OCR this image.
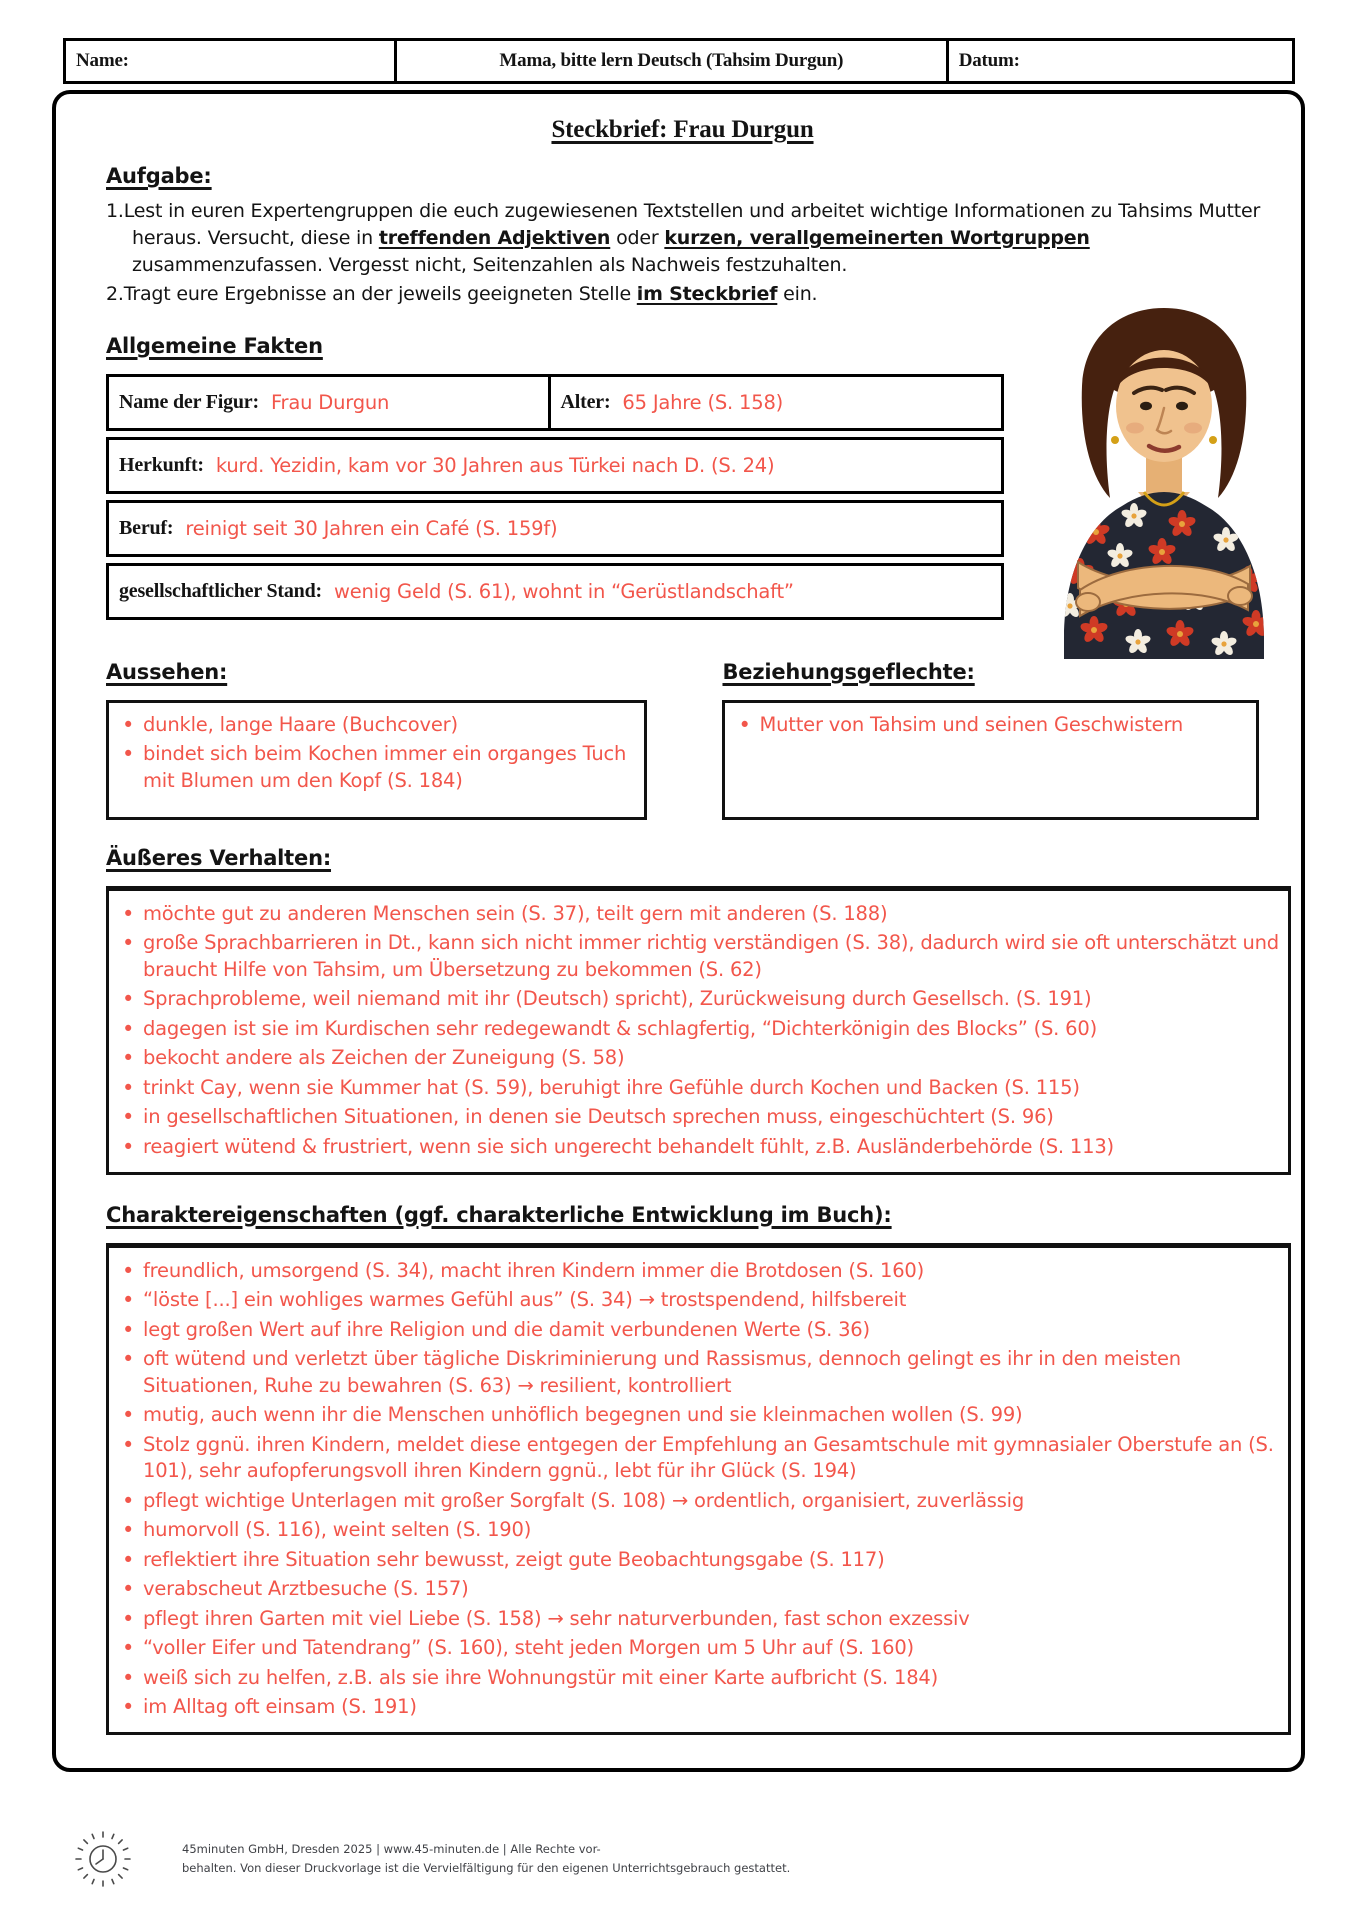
Name:	Mama, bitte lern Deutsch (Tahsim Durgun)	Datum:
Steckbrief: Frau Durgun
Aufgabe:

1.Lest in euren Expertengruppen die euch zugewiesenen Textstellen und arbeitet wichtige Informationen zu Tahsims Mutter heraus. Versucht, diese in treffenden Adjektiven oder kurzen, verallgemeinerten Wortgruppen zusammenzufassen. Vergesst nicht, Seitenzahlen als Nachweis festzuhalten.

2.Tragt eure Ergebnisse an der jeweils geeigneten Stelle im Steckbrief ein.

Allgemeine Fakten
Name der Figur: Frau Durgun	Alter: 65 Jahre (S. 158)
Herkunft: kurd. Yezidin, kam vor 30 Jahren aus Türkei nach D. (S. 24)
Beruf: reinigt seit 30 Jahren ein Café (S. 159f)
gesellschaftlicher Stand: wenig Geld (S. 61), wohnt in “Gerüstlandschaft”
Aussehen:
• dunkle, lange Haare (Buchcover)
• bindet sich beim Kochen immer ein organges Tuch mit Blumen um den Kopf (S. 184)
Beziehungsgeflechte:
• Mutter von Tahsim und seinen Geschwistern
Äußeres Verhalten:
• möchte gut zu anderen Menschen sein (S. 37), teilt gern mit anderen (S. 188)
• große Sprachbarrieren in Dt., kann sich nicht immer richtig verständigen (S. 38), dadurch wird sie oft unterschätzt und braucht Hilfe von Tahsim, um Übersetzung zu bekommen (S. 62)
• Sprachprobleme, weil niemand mit ihr (Deutsch) spricht), Zurückweisung durch Gesellsch. (S. 191)
• dagegen ist sie im Kurdischen sehr redegewandt & schlagfertig, “Dichterkönigin des Blocks” (S. 60)
• bekocht andere als Zeichen der Zuneigung (S. 58)
• trinkt Cay, wenn sie Kummer hat (S. 59), beruhigt ihre Gefühle durch Kochen und Backen (S. 115)
• in gesellschaftlichen Situationen, in denen sie Deutsch sprechen muss, eingeschüchtert (S. 96)
• reagiert wütend & frustriert, wenn sie sich ungerecht behandelt fühlt, z.B. Ausländerbehörde (S. 113)
Charaktereigenschaften (ggf. charakterliche Entwicklung im Buch):
• freundlich, umsorgend (S. 34), macht ihren Kindern immer die Brotdosen (S. 160)
• “löste [...] ein wohliges warmes Gefühl aus” (S. 34) → trostspendend, hilfsbereit
• legt großen Wert auf ihre Religion und die damit verbundenen Werte (S. 36)
• oft wütend und verletzt über tägliche Diskriminierung und Rassismus, dennoch gelingt es ihr in den meisten Situationen, Ruhe zu bewahren (S. 63) → resilient, kontrolliert
• mutig, auch wenn ihr die Menschen unhöflich begegnen und sie kleinmachen wollen (S. 99)
• Stolz ggnü. ihren Kindern, meldet diese entgegen der Empfehlung an Gesamtschule mit gymnasialer Oberstufe an (S. 101), sehr aufopferungsvoll ihren Kindern ggnü., lebt für ihr Glück (S. 194)
• pflegt wichtige Unterlagen mit großer Sorgfalt (S. 108) → ordentlich, organisiert, zuverlässig
• humorvoll (S. 116), weint selten (S. 190)
• reflektiert ihre Situation sehr bewusst, zeigt gute Beobachtungsgabe (S. 117)
• verabscheut Arztbesuche (S. 157)
• pflegt ihren Garten mit viel Liebe (S. 158) → sehr naturverbunden, fast schon exzessiv
• “voller Eifer und Tatendrang” (S. 160), steht jeden Morgen um 5 Uhr auf (S. 160)
• weiß sich zu helfen, z.B. als sie ihre Wohnungstür mit einer Karte aufbricht (S. 184)
• im Alltag oft einsam (S. 191)
45minuten GmbH, Dresden 2025 | www.45-minuten.de | Alle Rechte vor-
behalten. Von dieser Druckvorlage ist die Vervielfältigung für den eigenen Unterrichtsgebrauch gestattet.
